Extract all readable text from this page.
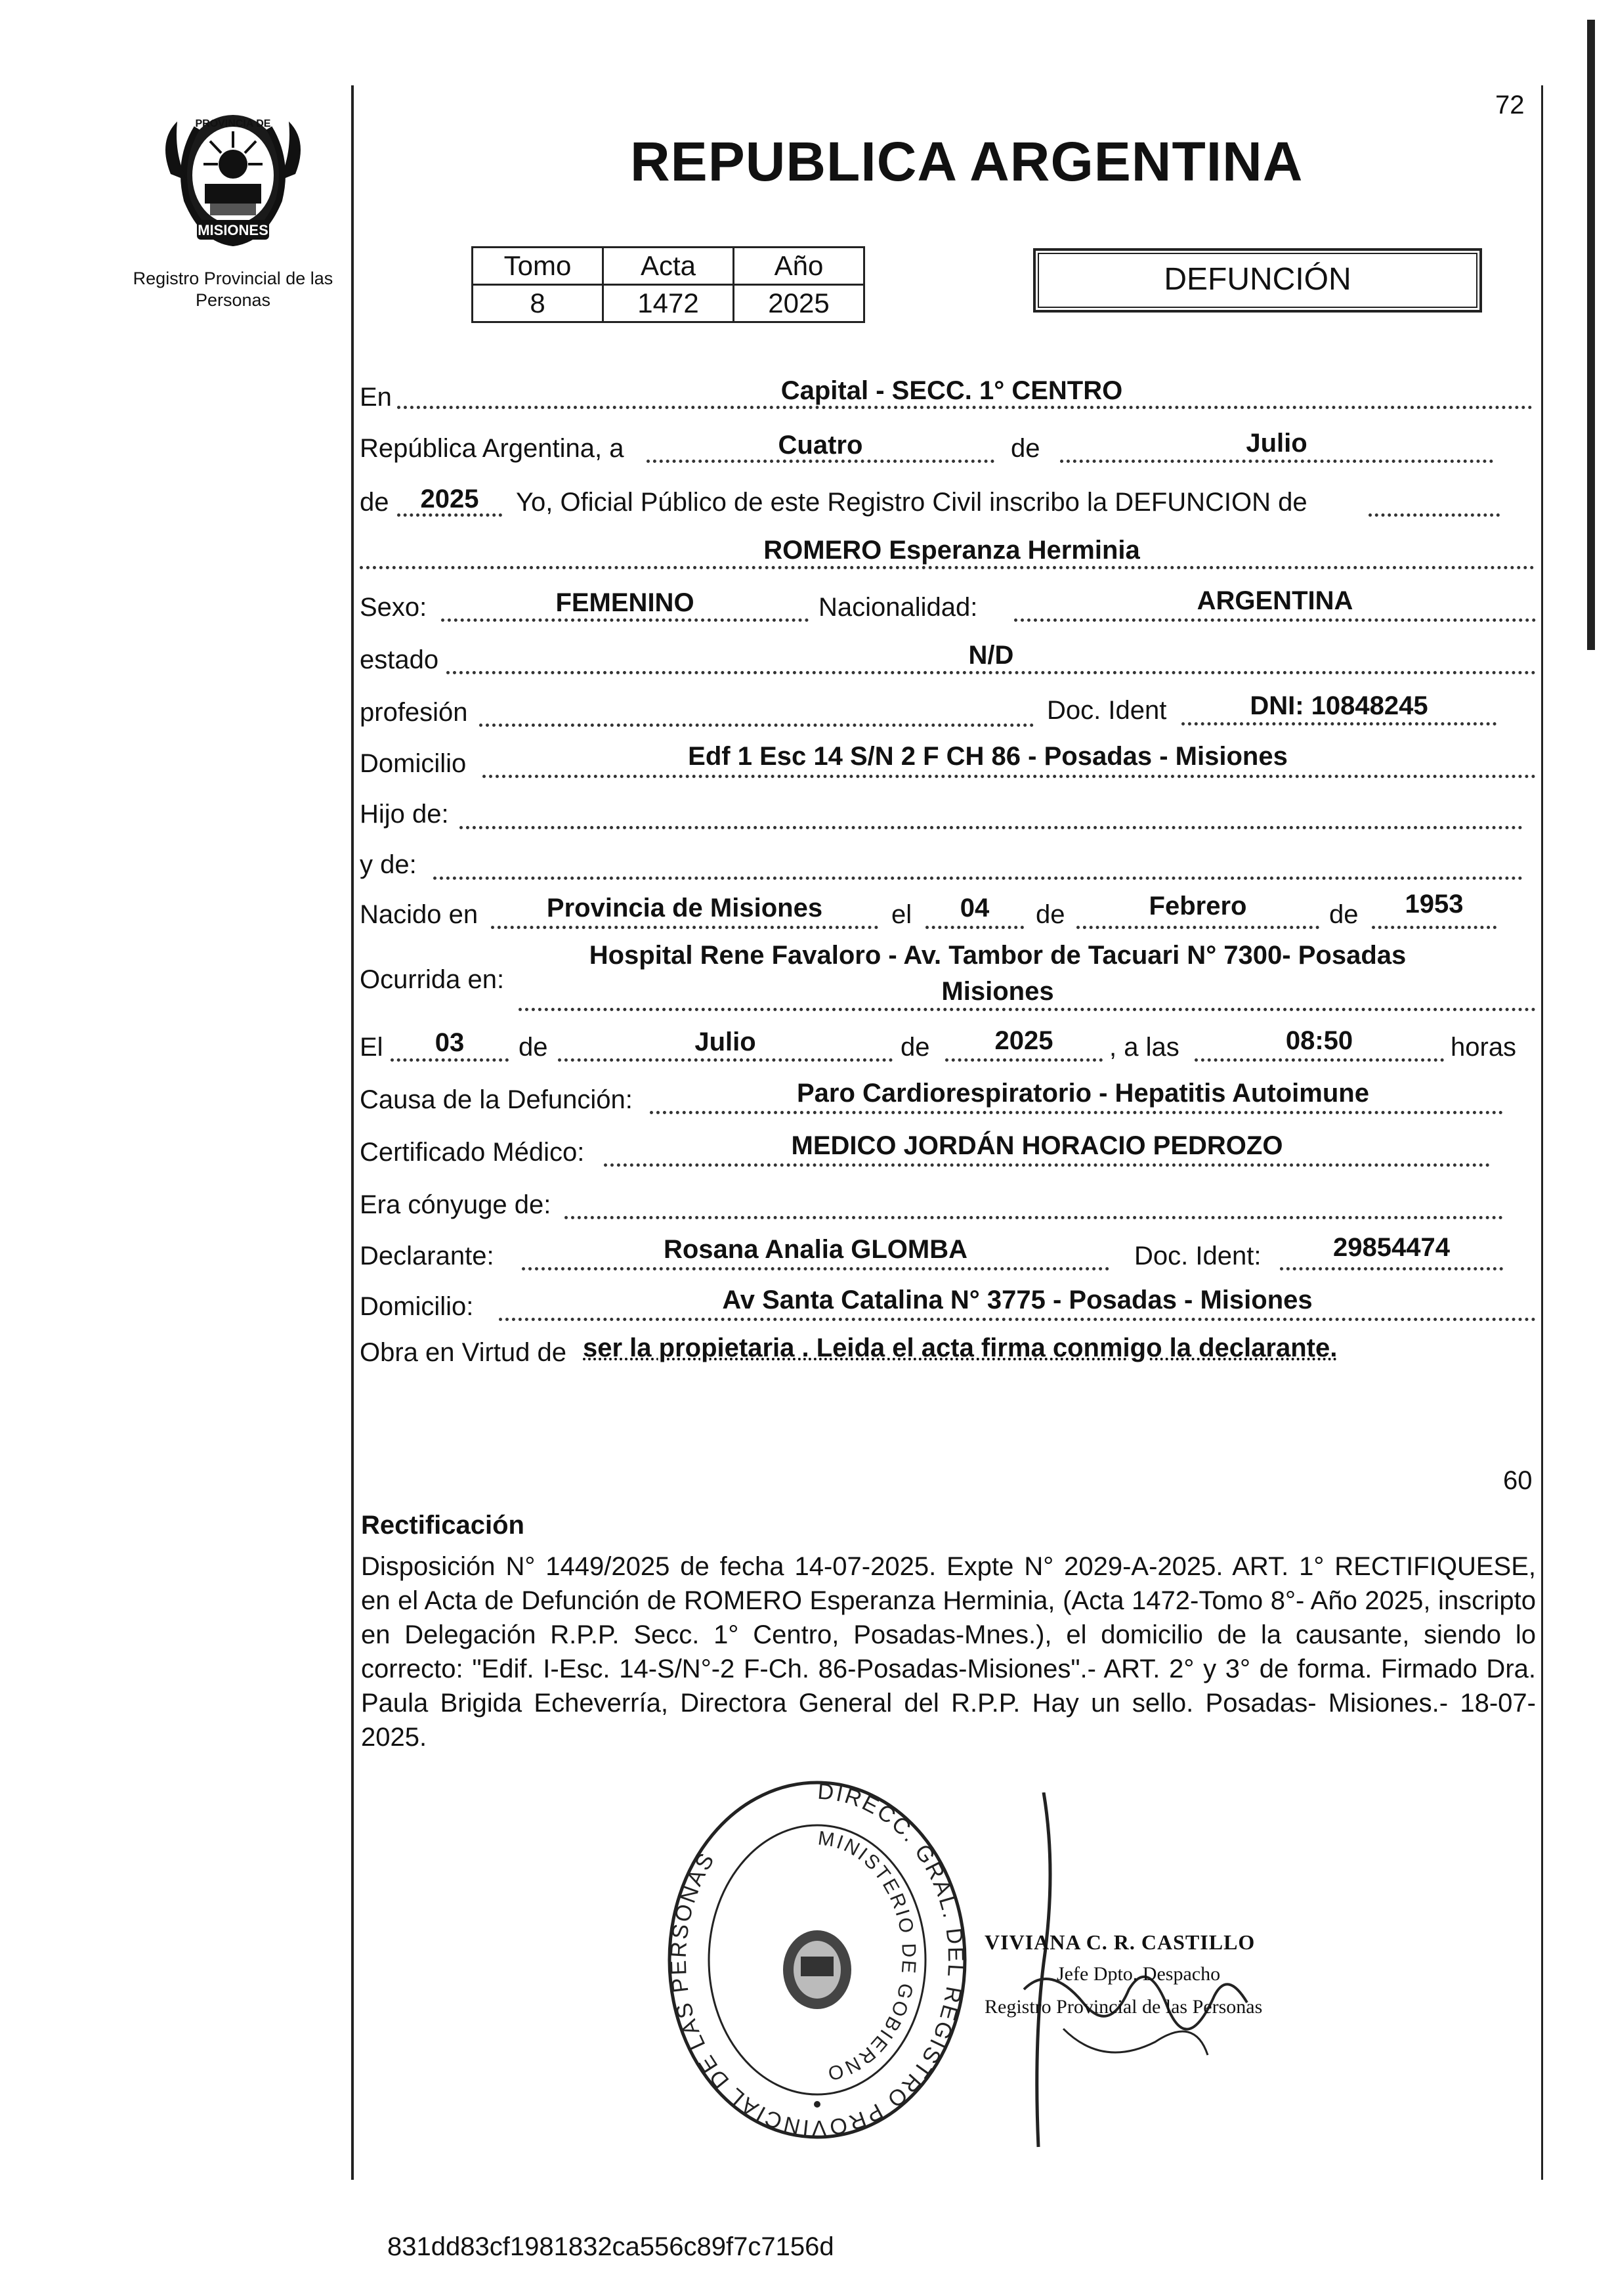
72
MISIONES
PROVINCIA DE
Registro Provincial de las Personas
REPUBLICA ARGENTINA
Tomo	Acta	Año
8	1472	2025
DEFUNCIÓN
En	Capital - SECC. 1° CENTRO
República Argentina, a	Cuatro	de	Julio
de	2025	Yo, Oficial Público de este Registro Civil inscribo la DEFUNCION de
ROMERO Esperanza Herminia
Sexo:	FEMENINO	Nacionalidad:	ARGENTINA
estado	N/D
profesión	Doc. Ident	DNI: 10848245
Domicilio	Edf 1 Esc 14 S/N 2 F CH 86 - Posadas - Misiones
Hijo de:
y de:
Nacido en	Provincia de Misiones	el	04	de	Febrero	de	1953
Ocurrida en:
Hospital Rene Favaloro - Av. Tambor de Tacuari N° 7300- Posadas
Misiones
El	03	de	Julio	de	2025	, a las	08:50	horas
Causa de la Defunción:	Paro Cardiorespiratorio - Hepatitis Autoimune
Certificado Médico:	MEDICO JORDÁN HORACIO PEDROZO
Era cónyuge de:
Declarante:	Rosana Analia GLOMBA	Doc. Ident:	29854474
Domicilio:	Av Santa Catalina N° 3775 - Posadas - Misiones
Obra en Virtud de ser la propietaria . Leida el acta firma conmigo la declarante.
60
Rectificación
Disposición N° 1449/2025 de fecha 14-07-2025. Expte N° 2029-A-2025. ART. 1° RECTIFIQUESE, en el Acta de Defunción de ROMERO Esperanza Herminia, (Acta 1472-Tomo 8°- Año 2025, inscripto en Delegación R.P.P. Secc. 1° Centro, Posadas-Mnes.), el domicilio de la causante, siendo lo correcto: "Edif. I-Esc. 14-S/N°-2 F-Ch. 86-Posadas-Misiones".- ART. 2° y 3° de forma. Firmado Dra. Paula Brigida Echeverría, Directora General del R.P.P. Hay un sello. Posadas- Misiones.- 18-07-2025.
DIRECC. GRAL. DEL REGISTRO PROVINCIAL DE LAS PERSONAS
MINISTERIO DE GOBIERNO
VIVIANA C. R. CASTILLO
Jefe Dpto. Despacho
Registro Provincial de las Personas
831dd83cf1981832ca556c89f7c7156d
